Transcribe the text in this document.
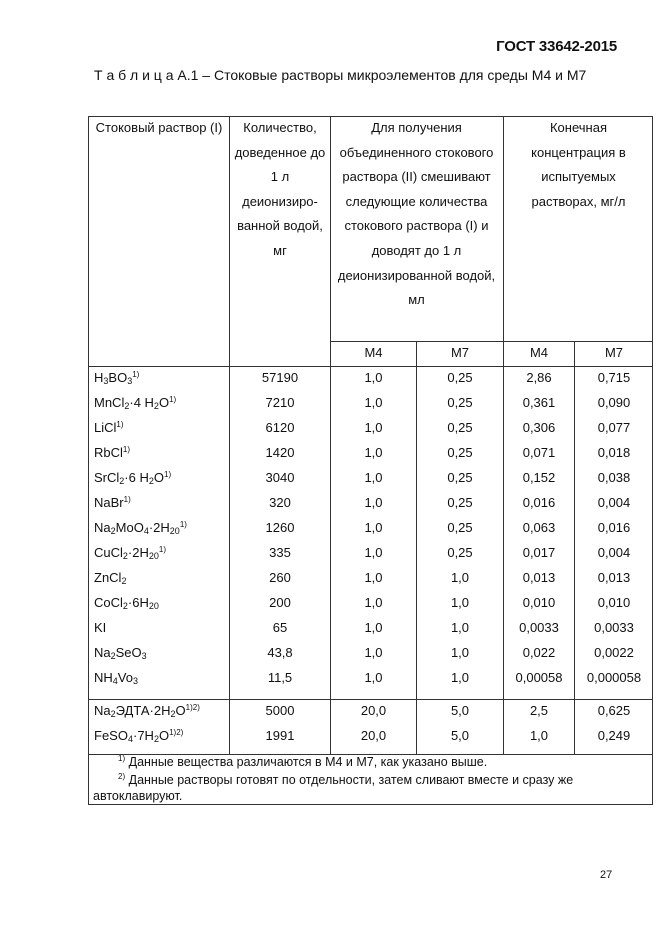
ГОСТ 33642-2015
Т а б л и ц а А.1 – Стоковые растворы микроэлементов для среды М4 и М7
Стоковый раствор (I)	Количество, доведенное до 1 л деионизиро-ванной водой, мг
Для получения объединенного стокового раствора (II) смешивают следующие количества стокового раствора (I) и доводят до 1 л деионизированной водой, мл
Конечная концентрация в испытуемых растворах, мг/л
М4	М7	М4	М7
$H_3BO_3^{1)}$	57190	1,0	0,25	2,86	0,715
MnCl$_2$·4 $H_2O^{1)}$	7210	1,0	0,25	0,361	0,090
LiCl$^{1)}$	6120	1,0	0,25	0,306	0,077
RbCl$^{1)}$	1420	1,0	0,25	0,071	0,018
SrCl$_2$·6 $H_2O^{1)}$	3040	1,0	0,25	0,152	0,038
NaBr$^{1)}$	320	1,0	0,25	0,016	0,004
$Na_2MoO_4\cdot 2H_{20}^{1)}$	1260	1,0	0,25	0,063	0,016
$CuCl_2\cdot 2H_{20}^{1)}$	335	1,0	0,25	0,017	0,004
ZnCl$_2$	260	1,0	1,0	0,013	0,013
$CoCl_2\cdot 6H_{20}$	200	1,0	1,0	0,010	0,010
KI	65	1,0	1,0	0,0033	0,0033
$Na_2SeO_3$	43,8	1,0	1,0	0,022	0,0022
$NH_4Vo_3$	11,5	1,0	1,0	0,00058	0,000058
$Na_2ЭДТА\cdot 2H_2O^{1)2)}$	5000	20,0	5,0	2,5	0,625
$FeSO_4\cdot 7H_2O^{1)2)}$	1991	20,0	5,0	1,0	0,249
$^{1)}$ Данные вещества различаются в М4 и М7, как указано выше.
$^{2)}$ Данные растворы готовят по отдельности, затем сливают вместе и сразу же автоклавируют.
27
